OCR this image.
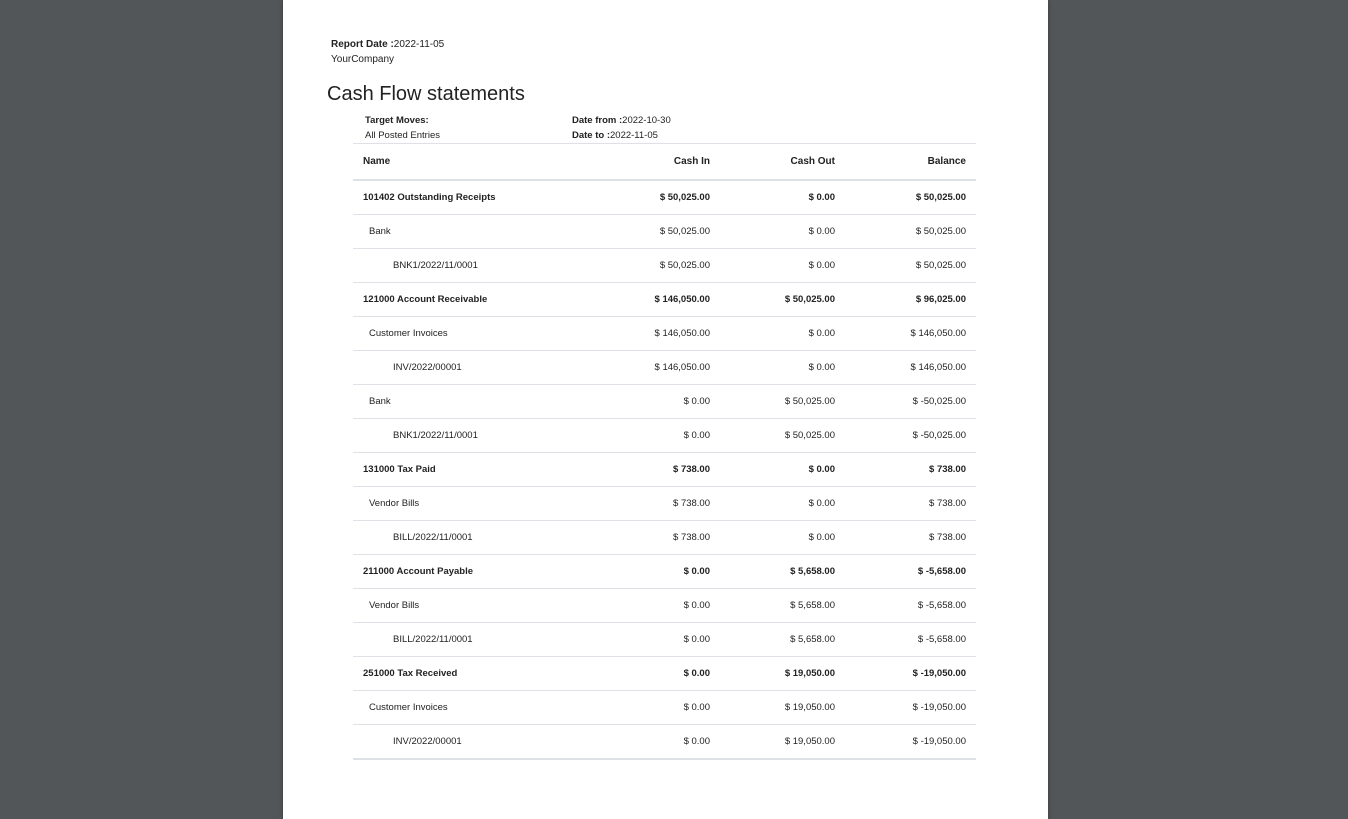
Report Date :2022-11-05
YourCompany
Cash Flow statements
Target Moves:
All Posted Entries
Date from :2022-10-30
Date to :2022-11-05
Name	Cash In	Cash Out	Balance
101402 Outstanding Receipts	$ 50,025.00	$ 0.00	$ 50,025.00
Bank	$ 50,025.00	$ 0.00	$ 50,025.00
BNK1/2022/11/0001	$ 50,025.00	$ 0.00	$ 50,025.00
121000 Account Receivable	$ 146,050.00	$ 50,025.00	$ 96,025.00
Customer Invoices	$ 146,050.00	$ 0.00	$ 146,050.00
INV/2022/00001	$ 146,050.00	$ 0.00	$ 146,050.00
Bank	$ 0.00	$ 50,025.00	$ -50,025.00
BNK1/2022/11/0001	$ 0.00	$ 50,025.00	$ -50,025.00
131000 Tax Paid	$ 738.00	$ 0.00	$ 738.00
Vendor Bills	$ 738.00	$ 0.00	$ 738.00
BILL/2022/11/0001	$ 738.00	$ 0.00	$ 738.00
211000 Account Payable	$ 0.00	$ 5,658.00	$ -5,658.00
Vendor Bills	$ 0.00	$ 5,658.00	$ -5,658.00
BILL/2022/11/0001	$ 0.00	$ 5,658.00	$ -5,658.00
251000 Tax Received	$ 0.00	$ 19,050.00	$ -19,050.00
Customer Invoices	$ 0.00	$ 19,050.00	$ -19,050.00
INV/2022/00001	$ 0.00	$ 19,050.00	$ -19,050.00
